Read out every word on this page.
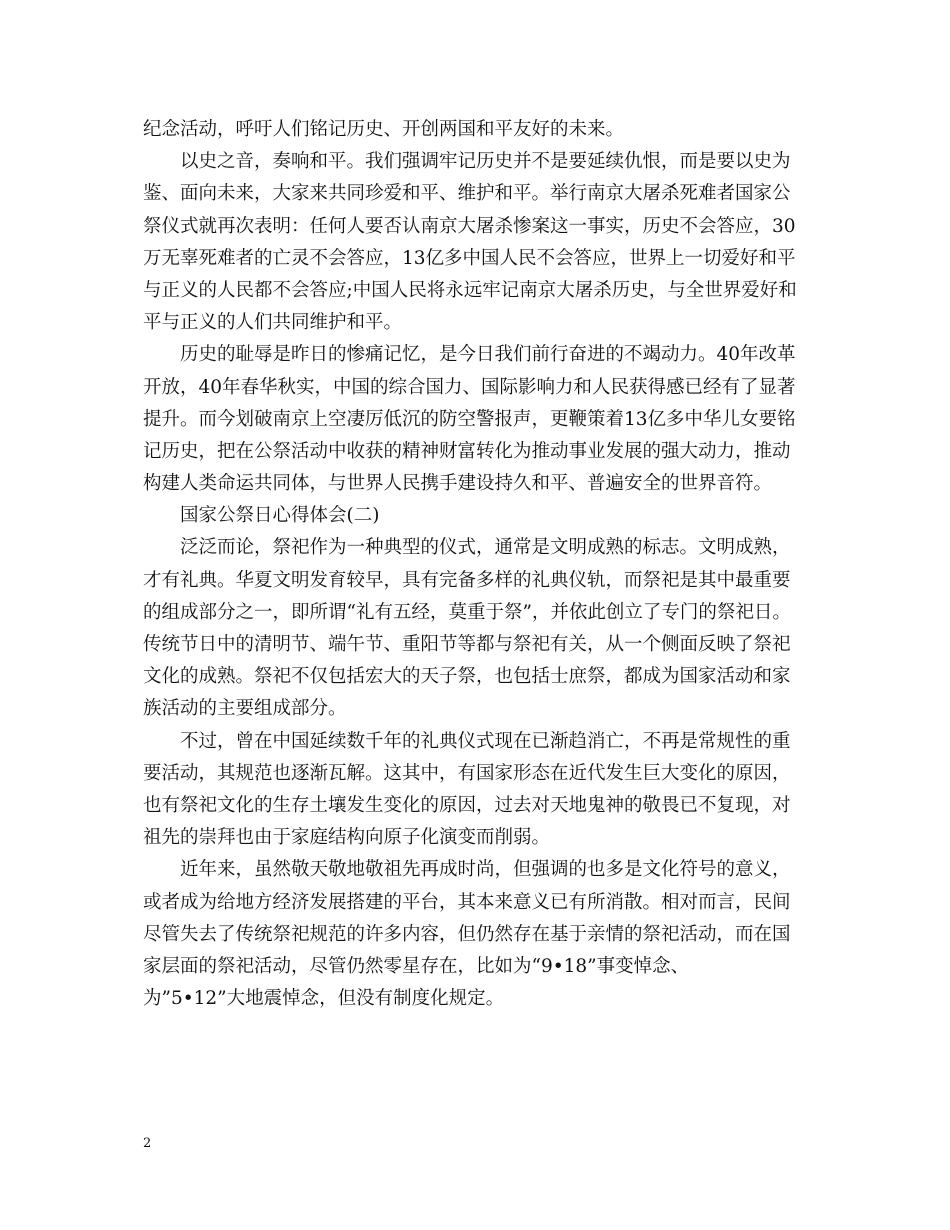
纪念活动，呼吁人们铭记历史、开创两国和平友好的未来。
以史之音，奏响和平。我们强调牢记历史并不是要延续仇恨，而是要以史为
鉴、面向未来，大家来共同珍爱和平、维护和平。举行南京大屠杀死难者国家公
祭仪式就再次表明：任何人要否认南京大屠杀惨案这一事实，历史不会答应，30
万无辜死难者的亡灵不会答应，13亿多中国人民不会答应，世界上一切爱好和平
与正义的人民都不会答应;中国人民将永远牢记南京大屠杀历史，与全世界爱好和
平与正义的人们共同维护和平。
历史的耻辱是昨日的惨痛记忆，是今日我们前行奋进的不竭动力。40年改革
开放，40年春华秋实，中国的综合国力、国际影响力和人民获得感已经有了显著
提升。而今划破南京上空凄厉低沉的防空警报声，更鞭策着13亿多中华儿女要铭
记历史，把在公祭活动中收获的精神财富转化为推动事业发展的强大动力，推动
构建人类命运共同体，与世界人民携手建设持久和平、普遍安全的世界音符。
国家公祭日心得体会(二)
泛泛而论，祭祀作为一种典型的仪式，通常是文明成熟的标志。文明成熟，
才有礼典。华夏文明发育较早，具有完备多样的礼典仪轨，而祭祀是其中最重要
的组成部分之一，即所谓“礼有五经，莫重于祭”，并依此创立了专门的祭祀日。
传统节日中的清明节、端午节、重阳节等都与祭祀有关，从一个侧面反映了祭祀
文化的成熟。祭祀不仅包括宏大的天子祭，也包括士庶祭，都成为国家活动和家
族活动的主要组成部分。
不过，曾在中国延续数千年的礼典仪式现在已渐趋消亡，不再是常规性的重
要活动，其规范也逐渐瓦解。这其中，有国家形态在近代发生巨大变化的原因，
也有祭祀文化的生存土壤发生变化的原因，过去对天地鬼神的敬畏已不复现，对
祖先的崇拜也由于家庭结构向原子化演变而削弱。
近年来，虽然敬天敬地敬祖先再成时尚，但强调的也多是文化符号的意义，
或者成为给地方经济发展搭建的平台，其本来意义已有所消散。相对而言，民间
尽管失去了传统祭祀规范的许多内容，但仍然存在基于亲情的祭祀活动，而在国
家层面的祭祀活动，尽管仍然零星存在，比如为“9•18”事变悼念、
为”5•12”大地震悼念，但没有制度化规定。
2
